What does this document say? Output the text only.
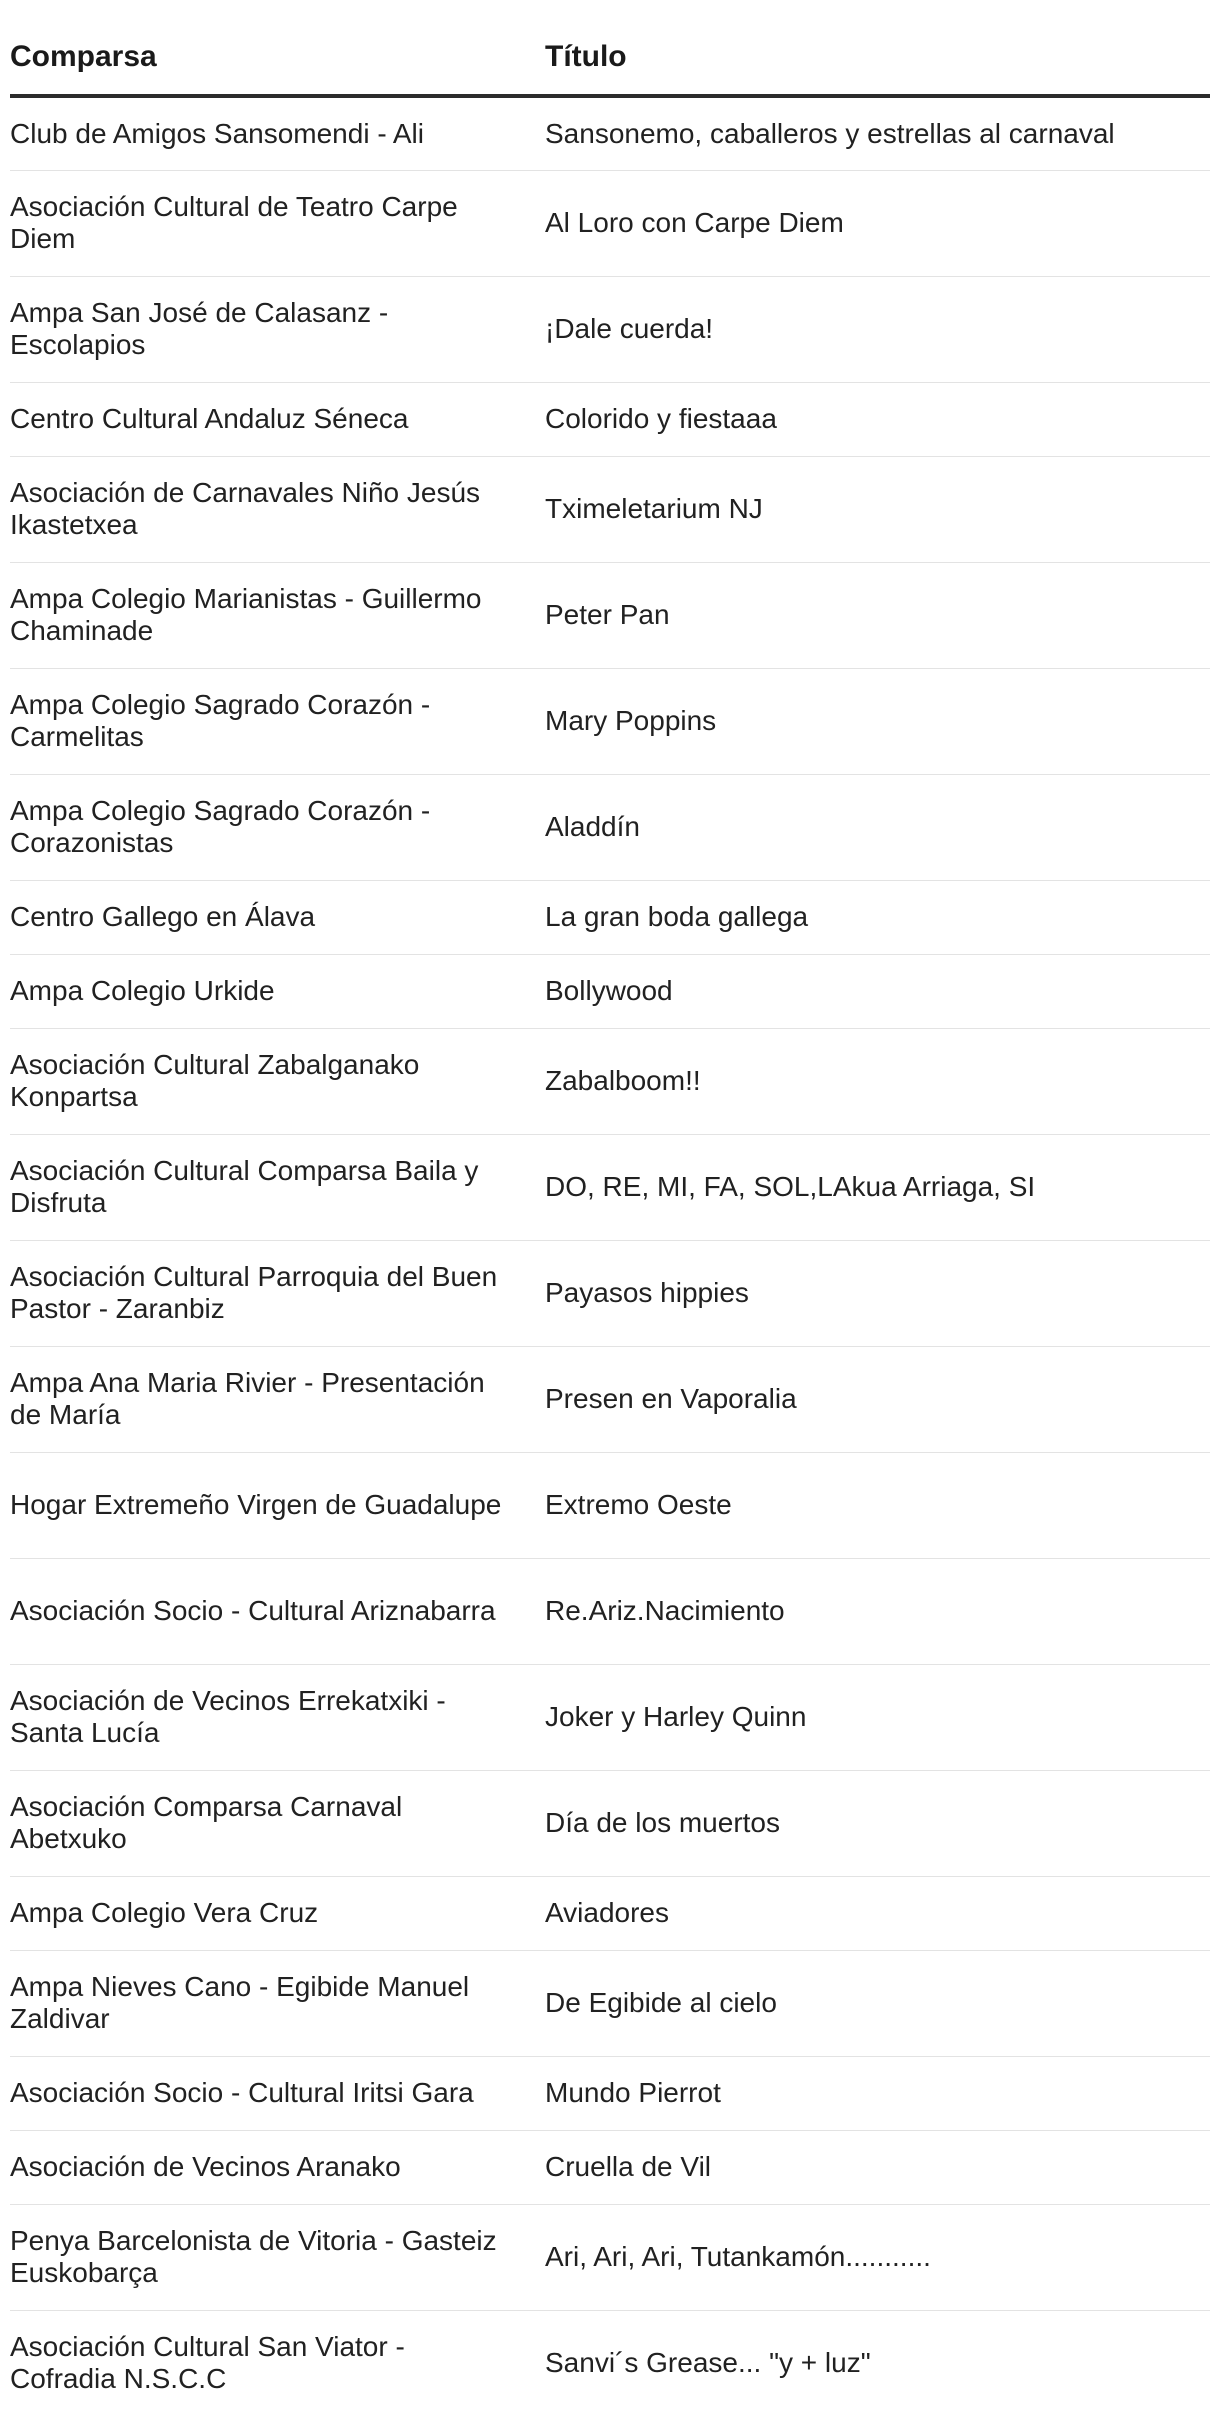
Comparsa	Título
Club de Amigos Sansomendi - Ali	Sansonemo, caballeros y estrellas al carnaval
Asociación Cultural de Teatro Carpe Diem	Al Loro con Carpe Diem
Ampa San José de Calasanz - Escolapios	¡Dale cuerda!
Centro Cultural Andaluz Séneca	Colorido y fiestaaa
Asociación de Carnavales Niño Jesús Ikastetxea	Tximeletarium NJ
Ampa Colegio Marianistas - Guillermo Chaminade	Peter Pan
Ampa Colegio Sagrado Corazón - Carmelitas	Mary Poppins
Ampa Colegio Sagrado Corazón - Corazonistas	Aladdín
Centro Gallego en Álava	La gran boda gallega
Ampa Colegio Urkide	Bollywood
Asociación Cultural Zabalganako Konpartsa	Zabalboom!!
Asociación Cultural Comparsa Baila y Disfruta	DO, RE, MI, FA, SOL,LAkua Arriaga, SI
Asociación Cultural Parroquia del Buen Pastor - Zaranbiz	Payasos hippies
Ampa Ana Maria Rivier - Presentación de María	Presen en Vaporalia
Hogar Extremeño Virgen de Guadalupe	Extremo Oeste
Asociación Socio - Cultural Ariznabarra	Re.Ariz.Nacimiento
Asociación de Vecinos Errekatxiki - Santa Lucía	Joker y Harley Quinn
Asociación Comparsa Carnaval Abetxuko	Día de los muertos
Ampa Colegio Vera Cruz	Aviadores
Ampa Nieves Cano - Egibide Manuel Zaldivar	De Egibide al cielo
Asociación Socio - Cultural Iritsi Gara	Mundo Pierrot
Asociación de Vecinos Aranako	Cruella de Vil
Penya Barcelonista de Vitoria - Gasteiz Euskobarça	Ari, Ari, Ari, Tutankamón...........
Asociación Cultural San Viator - Cofradia N.S.C.C	Sanvi´s Grease... "y + luz"
